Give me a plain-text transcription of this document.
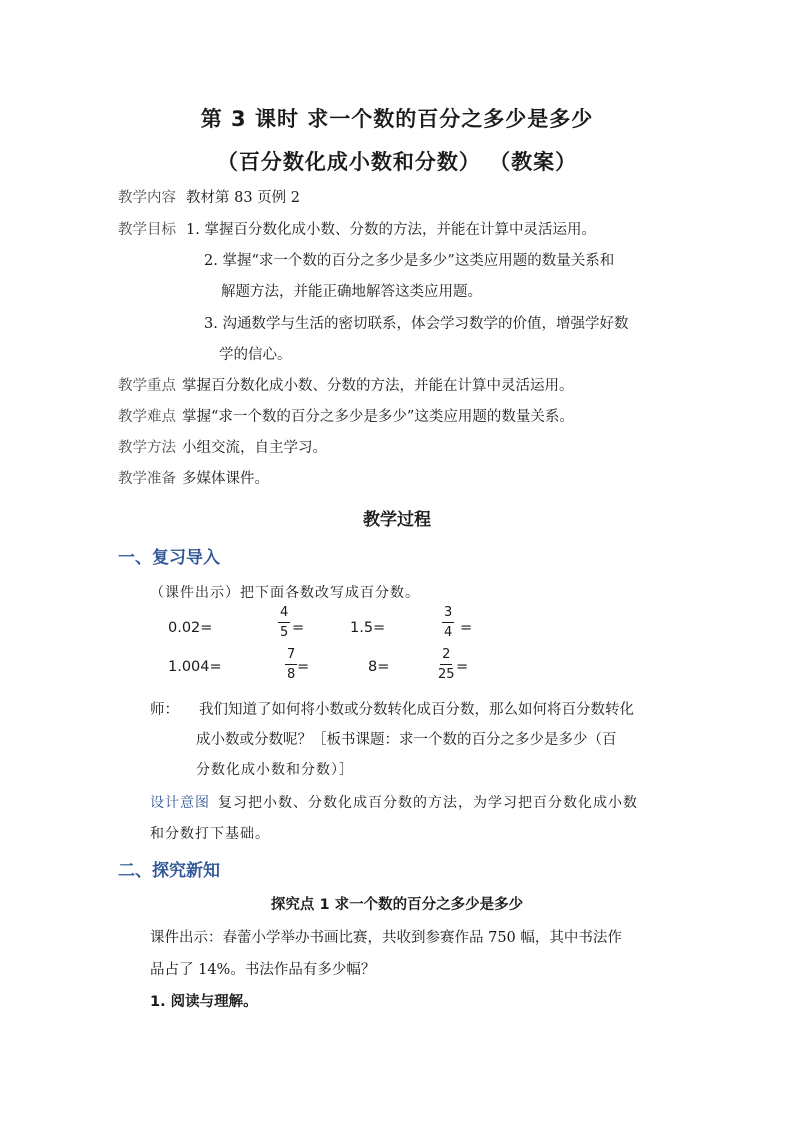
第 3 课时 求一个数的百分之多少是多少
（百分数化成小数和分数） （教案）
教学内容 教材第 83 页例 2
教学目标 1. 掌握百分数化成小数、分数的方法，并能在计算中灵活运用。
2. 掌握“求一个数的百分之多少是多少”这类应用题的数量关系和
解题方法，并能正确地解答这类应用题。
3. 沟通数学与生活的密切联系，体会学习数学的价值，增强学好数
学的信心。
教学重点 掌握百分数化成小数、分数的方法，并能在计算中灵活运用。
教学难点 掌握“求一个数的百分之多少是多少”这类应用题的数量关系。
教学方法 小组交流，自主学习。
教学准备 多媒体课件。
教学过程
一、复习导入
（课件出示）把下面各数改写成百分数。
0.02=	$\frac{4}{5}$ =	1.5=	$\frac{3}{4}$ =
1.004=	$\frac{7}{8}$ =	8=	$\frac{2}{25}$ =
师： 我们知道了如何将小数或分数转化成百分数，那么如何将百分数转化
成小数或分数呢？［板书课题：求一个数的百分之多少是多少（百
分数化成小数和分数）］
设计意图 复习把小数、分数化成百分数的方法，为学习把百分数化成小数
和分数打下基础。
二、探究新知
探究点 1 求一个数的百分之多少是多少
课件出示：春蕾小学举办书画比赛，共收到参赛作品 750 幅，其中书法作
品占了 14%。书法作品有多少幅？
1. 阅读与理解。
